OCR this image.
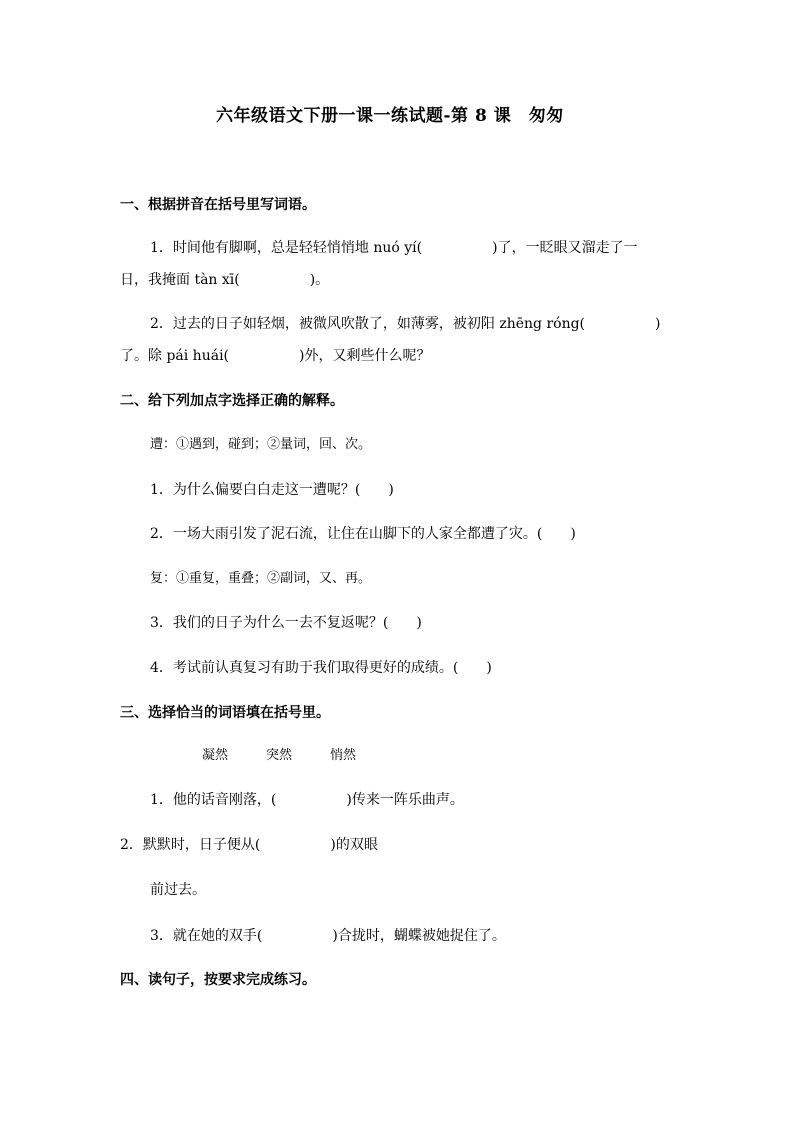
六年级语文下册一课一练试题-第 8 课　匆匆
一、根据拼音在括号里写词语。
1．时间他有脚啊，总是轻轻悄悄地 nuó yí(　　　　　)了，一眨眼又溜走了一
日，我掩面 tàn xī(　　　　　)。
2．过去的日子如轻烟，被微风吹散了，如薄雾，被初阳 zhēng róng(　　　　　)
了。除 pái huái(　　　　　)外，又剩些什么呢？
二、给下列加点字选择正确的解释。
遭：①遇到，碰到；②量词，回、次。
1．为什么偏要白白走这一遭呢？(　　)
2．一场大雨引发了泥石流，让住在山脚下的人家全都遭了灾。(　　)
复：①重复，重叠；②副词，又、再。
3．我们的日子为什么一去不复返呢？(　　)
4．考试前认真复习有助于我们取得更好的成绩。(　　)
三、选择恰当的词语填在括号里。
凝然	突然	悄然
1．他的话音刚落，(　　　　　)传来一阵乐曲声。
2．默默时，日子便从(　　　　　)的双眼
前过去。
3．就在她的双手(　　　　　)合拢时，蝴蝶被她捉住了。
四、读句子，按要求完成练习。
